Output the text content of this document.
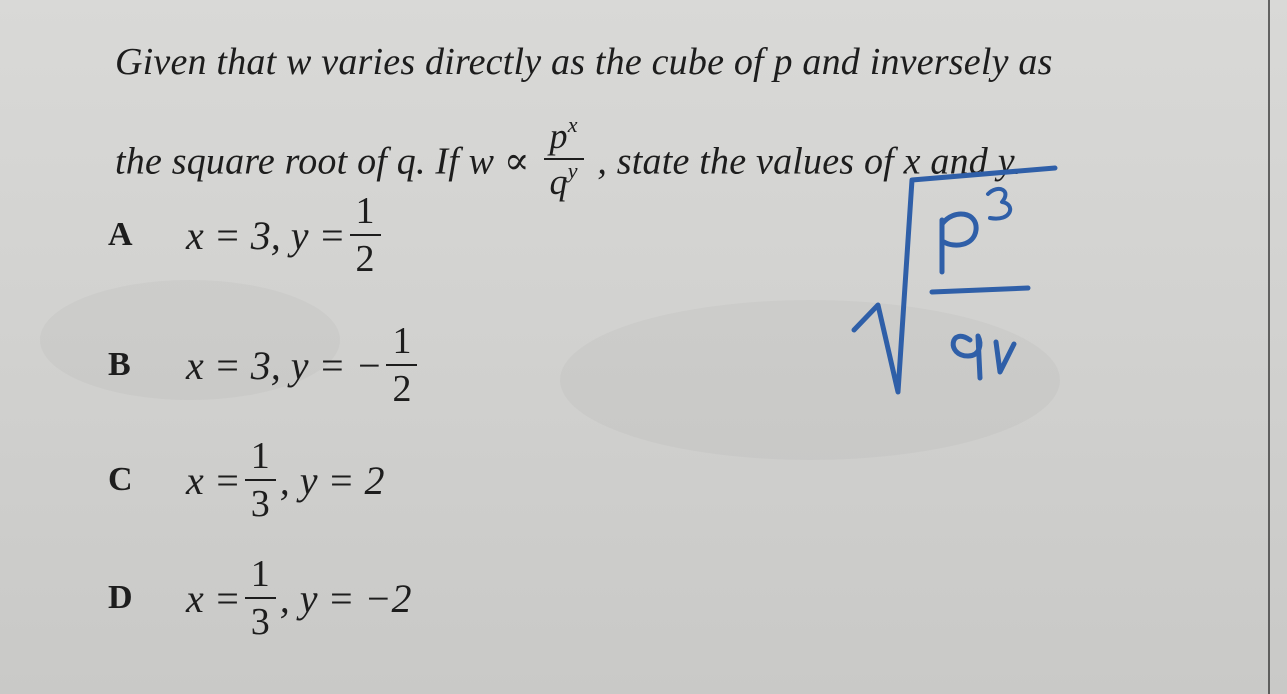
Given that w varies directly as the cube of p and inversely as
the square root of q. If $w \propto \frac{p^x}{q^y}$ , state the values of x and y.
A	x = 3, $y = \frac{1}{2}$
B	x = 3, y = − $\frac{1}{2}$
C	$x = \frac{1}{3}$ , y = 2
D	$x = \frac{1}{3}$ , y = −2
